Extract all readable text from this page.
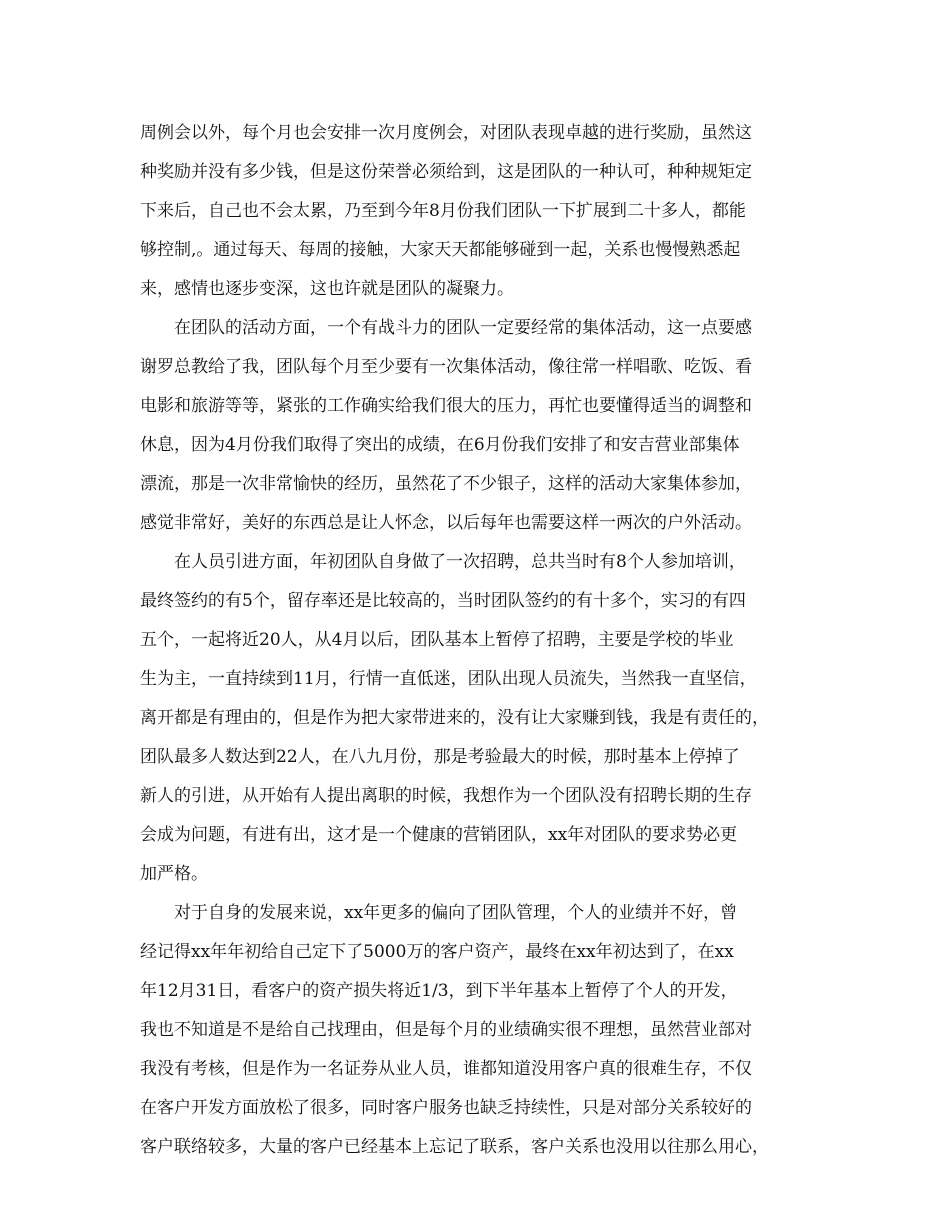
周例会以外，每个月也会安排一次月度例会，对团队表现卓越的进行奖励，虽然这
种奖励并没有多少钱，但是这份荣誉必须给到，这是团队的一种认可，种种规矩定
下来后，自己也不会太累，乃至到今年8月份我们团队一下扩展到二十多人，都能
够控制,。通过每天、每周的接触，大家天天都能够碰到一起，关系也慢慢熟悉起
来，感情也逐步变深，这也许就是团队的凝聚力。
在团队的活动方面，一个有战斗力的团队一定要经常的集体活动，这一点要感
谢罗总教给了我，团队每个月至少要有一次集体活动，像往常一样唱歌、吃饭、看
电影和旅游等等，紧张的工作确实给我们很大的压力，再忙也要懂得适当的调整和
休息，因为4月份我们取得了突出的成绩，在6月份我们安排了和安吉营业部集体
漂流，那是一次非常愉快的经历，虽然花了不少银子，这样的活动大家集体参加，
感觉非常好，美好的东西总是让人怀念，以后每年也需要这样一两次的户外活动。
在人员引进方面，年初团队自身做了一次招聘，总共当时有8个人参加培训，
最终签约的有5个，留存率还是比较高的，当时团队签约的有十多个，实习的有四
五个，一起将近20人，从4月以后，团队基本上暂停了招聘，主要是学校的毕业
生为主，一直持续到11月，行情一直低迷，团队出现人员流失，当然我一直坚信，
离开都是有理由的，但是作为把大家带进来的，没有让大家赚到钱，我是有责任的，
团队最多人数达到22人，在八九月份，那是考验最大的时候，那时基本上停掉了
新人的引进，从开始有人提出离职的时候，我想作为一个团队没有招聘长期的生存
会成为问题，有进有出，这才是一个健康的营销团队，xx年对团队的要求势必更
加严格。
对于自身的发展来说，xx年更多的偏向了团队管理，个人的业绩并不好，曾
经记得xx年年初给自己定下了5000万的客户资产，最终在xx年初达到了，在xx
年12月31日，看客户的资产损失将近1/3，到下半年基本上暂停了个人的开发，
我也不知道是不是给自己找理由，但是每个月的业绩确实很不理想，虽然营业部对
我没有考核，但是作为一名证券从业人员，谁都知道没用客户真的很难生存，不仅
在客户开发方面放松了很多，同时客户服务也缺乏持续性，只是对部分关系较好的
客户联络较多，大量的客户已经基本上忘记了联系，客户关系也没用以往那么用心，
